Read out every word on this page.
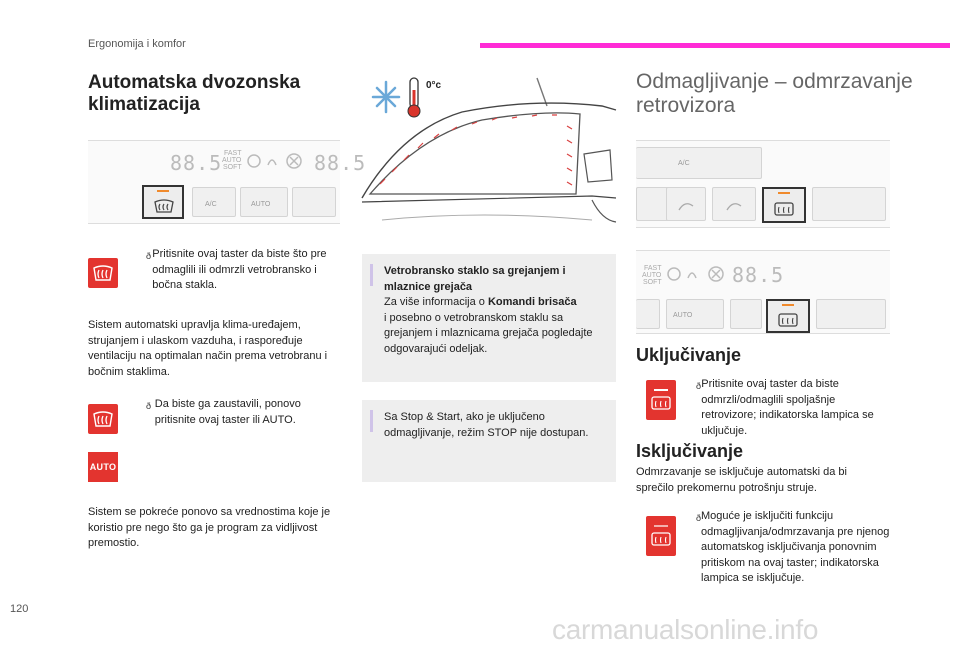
Ergonomija i komfor
Automatska dvozonska klimatizacija
88.5 FAST
AUTO
SOFT	88.5
A/C	AUTO
ð Pritisnite ovaj taster da biste što pre odmaglili ili odmrzli vetrobransko i bočna stakla.
Sistem automatski upravlja klima-uređajem, strujanjem i ulaskom vazduha, i raspoređuje ventilaciju na optimalan način prema vetrobranu i bočnim staklima.
ð Da biste ga zaustavili, ponovo pritisnite ovaj taster ili AUTO.
AUTO
Sistem se pokreće ponovo sa vrednostima koje je koristio pre nego što ga je program za vidljivost premostio.
0°c
Vetrobransko staklo sa grejanjem i mlaznice grejača
Za više informacija o Komandi brisača
i posebno o vetrobranskom staklu sa grejanjem i mlaznicama grejača pogledajte odgovarajući odeljak.
Sa Stop & Start, ako je uključeno odmagljivanje, režim STOP nije dostupan.
Odmagljivanje – odmrzavanje retrovizora
A/C
FAST
AUTO
SOFT	88.5
AUTO
Uključivanje
ð Pritisnite ovaj taster da biste odmrzli/odmaglili spoljašnje retrovizore; indikatorska lampica se uključuje.
Isključivanje
Odmrzavanje se isključuje automatski da bi sprečilo prekomernu potrošnju struje.
ð Moguće je isključiti funkciju odmagljivanja/odmrzavanja pre njenog automatskog isključivanja ponovnim pritiskom na ovaj taster; indikatorska lampica se isključuje.
120
carmanualsonline.info
